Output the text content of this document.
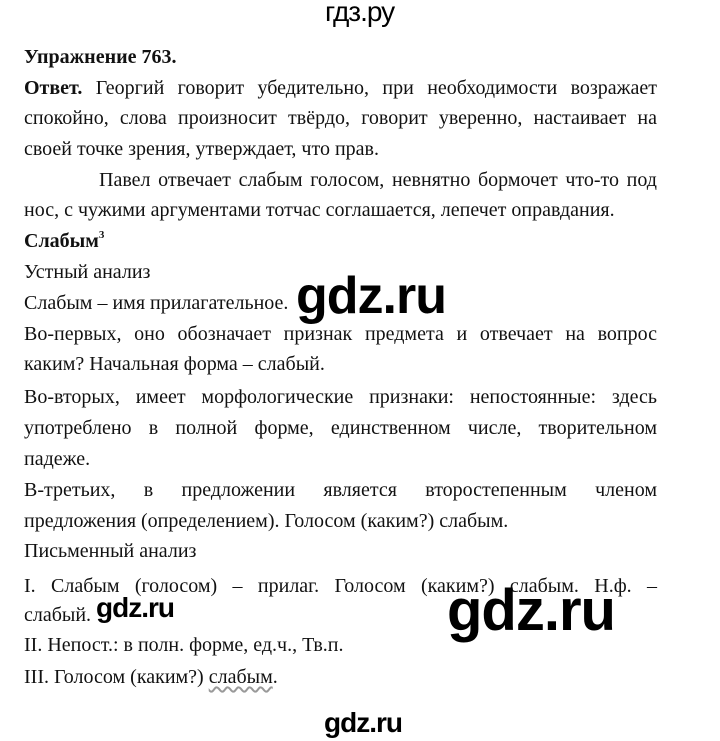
гдз.ру
Упражнение 763.
Ответ. Георгий говорит убедительно, при необходимости возражает
спокойно, слова произносит твёрдо, говорит уверенно, настаивает на
своей точке зрения, утверждает, что прав.
Павел отвечает слабым голосом, невнятно бормочет что-то под
нос, с чужими аргументами тотчас соглашается, лепечет оправдания.
Слабым$^3$
Устный анализ
Слабым – имя прилагательное.
Во-первых, оно обозначает признак предмета и отвечает на вопрос
каким? Начальная форма – слабый.
Во-вторых, имеет морфологические признаки: непостоянные: здесь
употреблено в полной форме, единственном числе, творительном
падеже.
В-третьих, в предложении является второстепенным членом
предложения (определением). Голосом (каким?) слабым.
Письменный анализ
I. Слабым (голосом) – прилаг. Голосом (каким?) слабым. Н.ф. –
слабый.
II. Непост.: в полн. форме, ед.ч., Тв.п.
III. Голосом (каким?) слабым.
gdz.ru
gdz.ru
gdz.ru
gdz.ru
